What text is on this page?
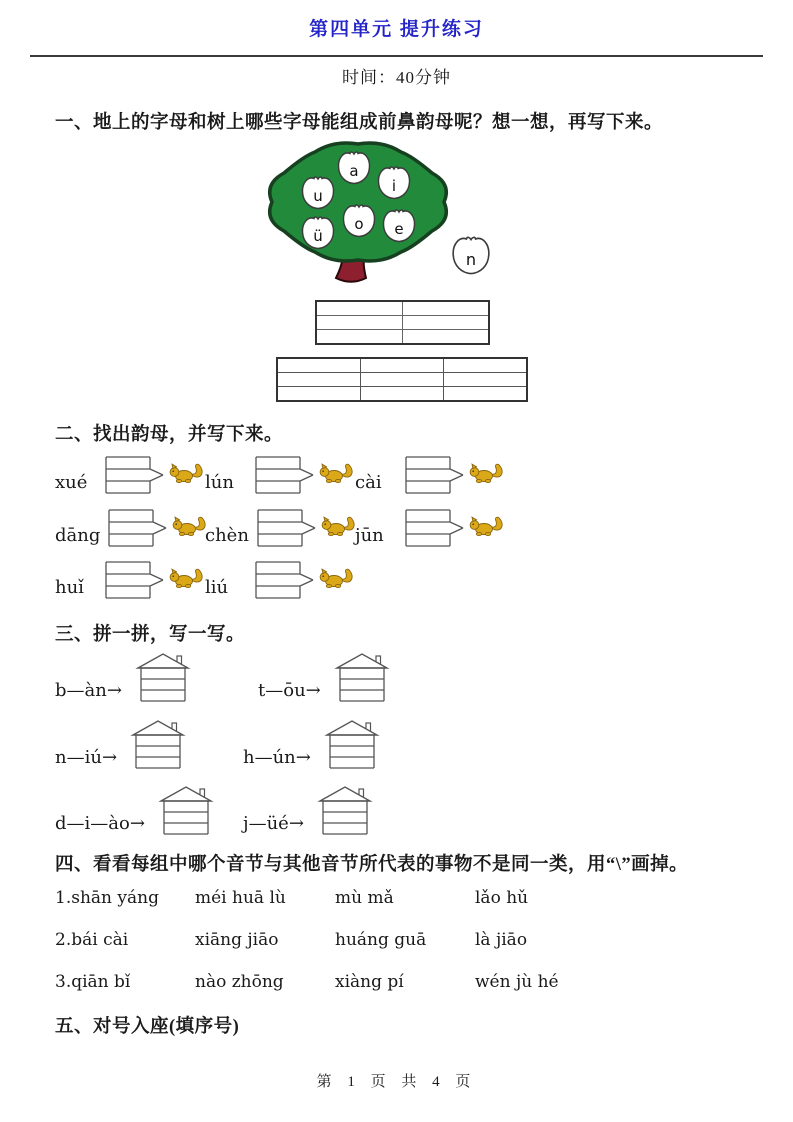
第四单元 提升练习
时间：40分钟
一、地上的字母和树上哪些字母能组成前鼻韵母呢？想一想，再写下来。
a
i
u
o
ü	e
n

二、找出韵母，并写下来。
xué	lún	cài
dāng	chèn	jūn
huǐ	liú
三、拼一拼，写一写。
b—àn→	t—ōu→
n—iú→	h—ún→
d—i—ào→	j—üé→
四、看看每组中哪个音节与其他音节所代表的事物不是同一类，用“\”画掉。
1.shān yáng	méi huā lù	mù mǎ	lǎo hǔ
2.bái cài	xiāng jiāo	huáng guā	là jiāo
3.qiān bǐ	nào zhōng	xiàng pí	wén jù hé
五、对号入座(填序号)
第 1 页 共 4 页
